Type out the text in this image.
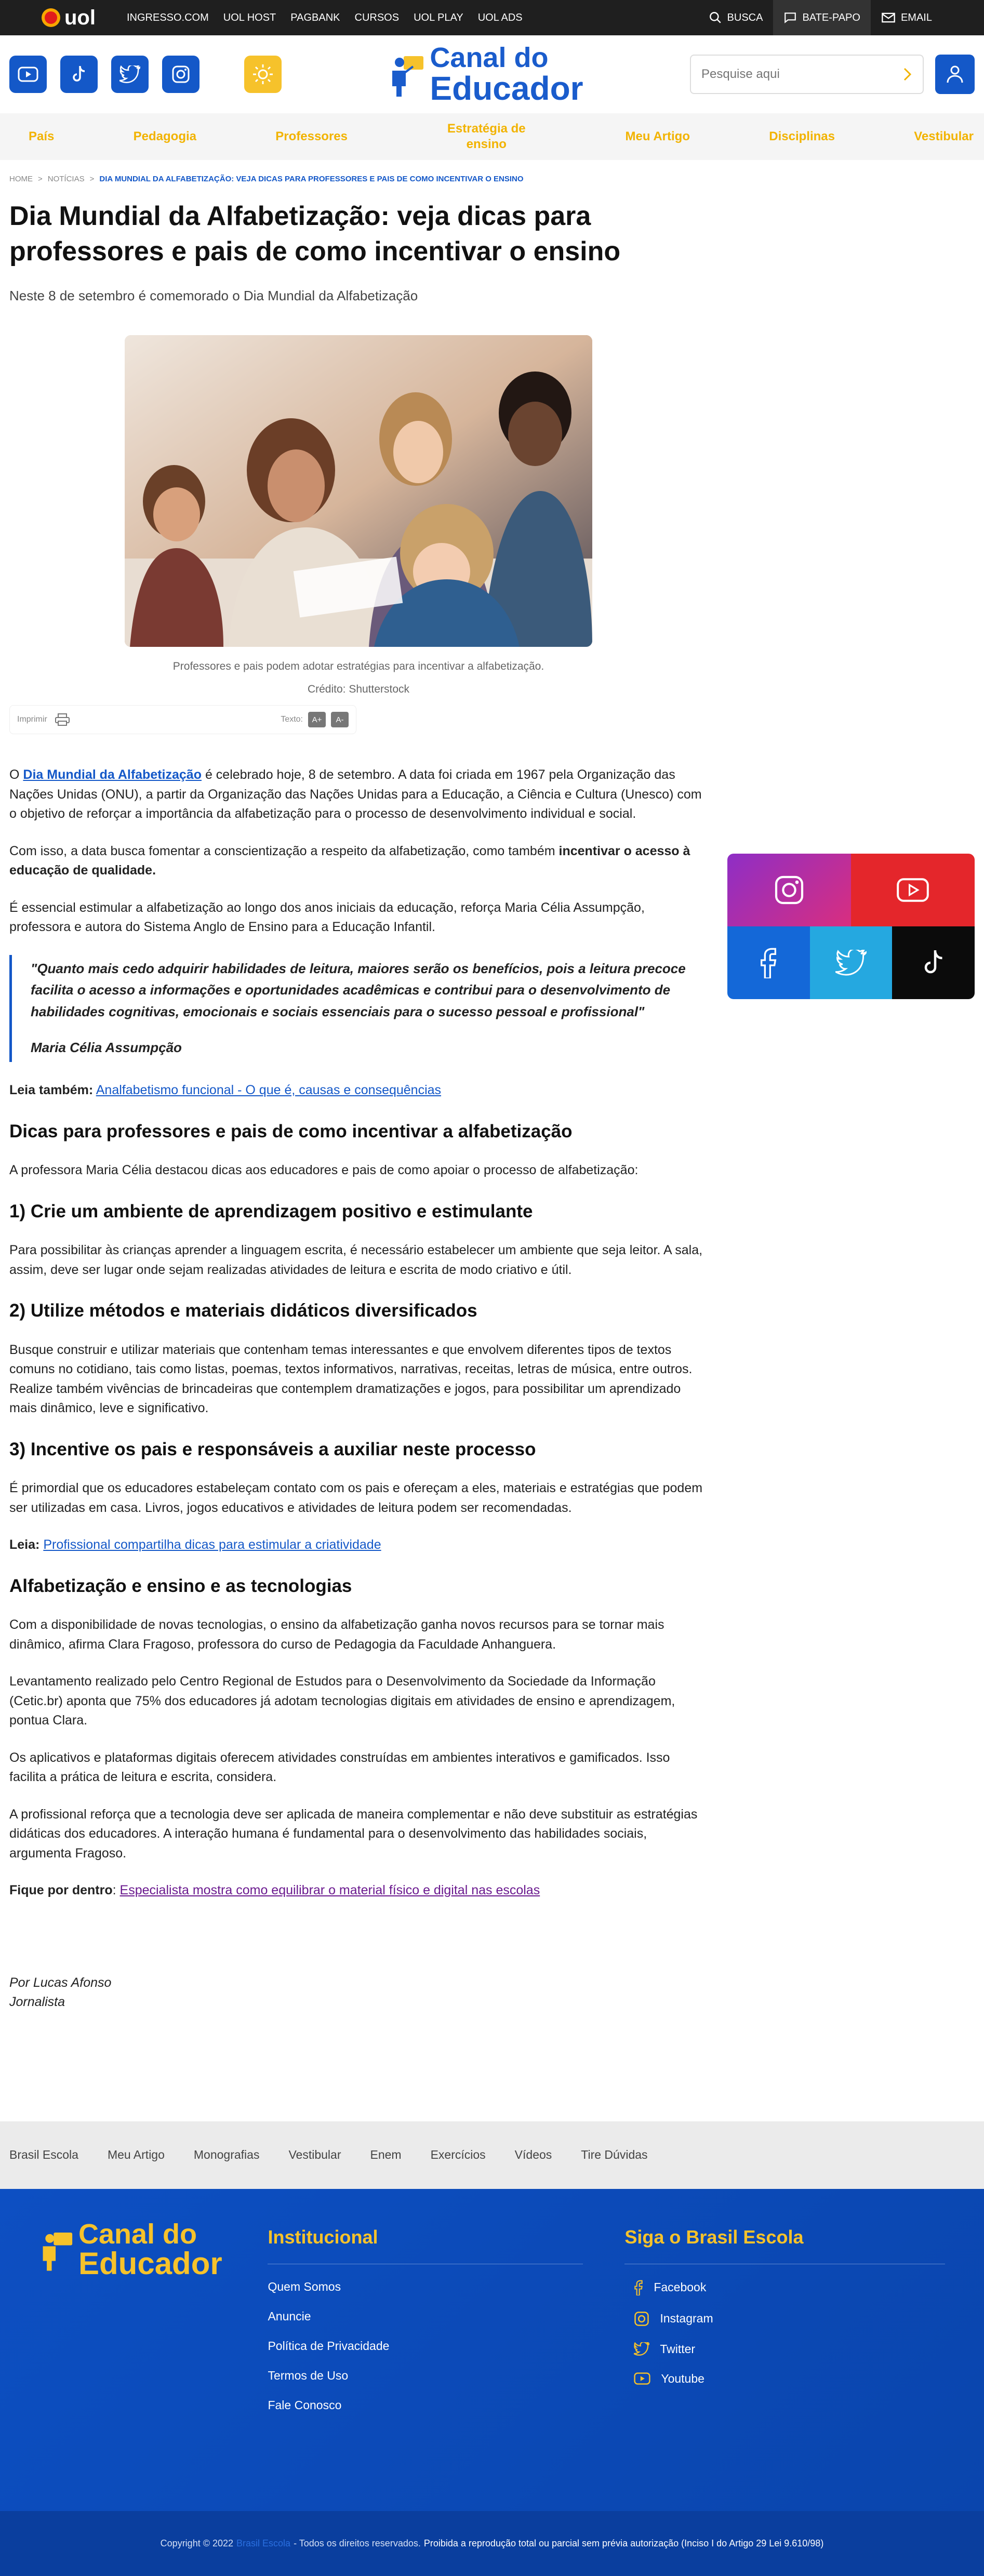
uol	INGRESSO.COM UOL HOST PAGBANK CURSOS UOL PLAY UOL ADS	BUSCA	BATE-PAPO	EMAIL
Canal do
Educador
Pesquise aqui
País	Pedagogia	Professores
Estratégia de ensino
Meu Artigo	Disciplinas	Vestibular
HOME > NOTÍCIAS > DIA MUNDIAL DA ALFABETIZAÇÃO: VEJA DICAS PARA PROFESSORES E PAIS DE COMO INCENTIVAR O ENSINO
Dia Mundial da Alfabetização: veja dicas para professores e pais de como incentivar o ensino
Neste 8 de setembro é comemorado o Dia Mundial da Alfabetização
Professores e pais podem adotar estratégias para incentivar a alfabetização.
Crédito: Shutterstock
Imprimir	Texto:	A+	A-

O Dia Mundial da Alfabetização é celebrado hoje, 8 de setembro. A data foi criada em 1967 pela Organização das Nações Unidas (ONU), a partir da Organização das Nações Unidas para a Educação, a Ciência e Cultura (Unesco) com o objetivo de reforçar a importância da alfabetização para o processo de desenvolvimento individual e social.

Com isso, a data busca fomentar a conscientização a respeito da alfabetização, como também incentivar o acesso à educação de qualidade.

É essencial estimular a alfabetização ao longo dos anos iniciais da educação, reforça Maria Célia Assumpção, professora e autora do Sistema Anglo de Ensino para a Educação Infantil.

"Quanto mais cedo adquirir habilidades de leitura, maiores serão os benefícios, pois a leitura precoce facilita o acesso a informações e oportunidades acadêmicas e contribui para o desenvolvimento de habilidades cognitivas, emocionais e sociais essenciais para o sucesso pessoal e profissional"
Maria Célia Assumpção

Leia também: Analfabetismo funcional - O que é, causas e consequências

Dicas para professores e pais de como incentivar a alfabetização

A professora Maria Célia destacou dicas aos educadores e pais de como apoiar o processo de alfabetização:

1) Crie um ambiente de aprendizagem positivo e estimulante

Para possibilitar às crianças aprender a linguagem escrita, é necessário estabelecer um ambiente que seja leitor. A sala, assim, deve ser lugar onde sejam realizadas atividades de leitura e escrita de modo criativo e útil.

2) Utilize métodos e materiais didáticos diversificados

Busque construir e utilizar materiais que contenham temas interessantes e que envolvem diferentes tipos de textos comuns no cotidiano, tais como listas, poemas, textos informativos, narrativas, receitas, letras de música, entre outros. Realize também vivências de brincadeiras que contemplem dramatizações e jogos, para possibilitar um aprendizado mais dinâmico, leve e significativo.

3) Incentive os pais e responsáveis a auxiliar neste processo

É primordial que os educadores estabeleçam contato com os pais e ofereçam a eles, materiais e estratégias que podem ser utilizadas em casa. Livros, jogos educativos e atividades de leitura podem ser recomendadas.

Leia: Profissional compartilha dicas para estimular a criatividade

Alfabetização e ensino e as tecnologias

Com a disponibilidade de novas tecnologias, o ensino da alfabetização ganha novos recursos para se tornar mais dinâmico, afirma Clara Fragoso, professora do curso de Pedagogia da Faculdade Anhanguera.

Levantamento realizado pelo Centro Regional de Estudos para o Desenvolvimento da Sociedade da Informação (Cetic.br) aponta que 75% dos educadores já adotam tecnologias digitais em atividades de ensino e aprendizagem, pontua Clara.

Os aplicativos e plataformas digitais oferecem atividades construídas em ambientes interativos e gamificados. Isso facilita a prática de leitura e escrita, considera.

A profissional reforça que a tecnologia deve ser aplicada de maneira complementar e não deve substituir as estratégias didáticas dos educadores. A interação humana é fundamental para o desenvolvimento das habilidades sociais, argumenta Fragoso.

Fique por dentro: Especialista mostra como equilibrar o material físico e digital nas escolas

Por Lucas Afonso
Jornalista
Brasil Escola Meu Artigo Monografias Vestibular Enem Exercícios Vídeos Tire Dúvidas
Canal do
Educador
Institucional
Quem Somos
Anuncie
Política de Privacidade
Termos de Uso
Fale Conosco
Siga o Brasil Escola
Facebook
Instagram
Twitter
Youtube
Copyright © 2022 Brasil Escola - Todos os direitos reservados. Proibida a reprodução total ou parcial sem prévia autorização (Inciso I do Artigo 29 Lei 9.610/98)
